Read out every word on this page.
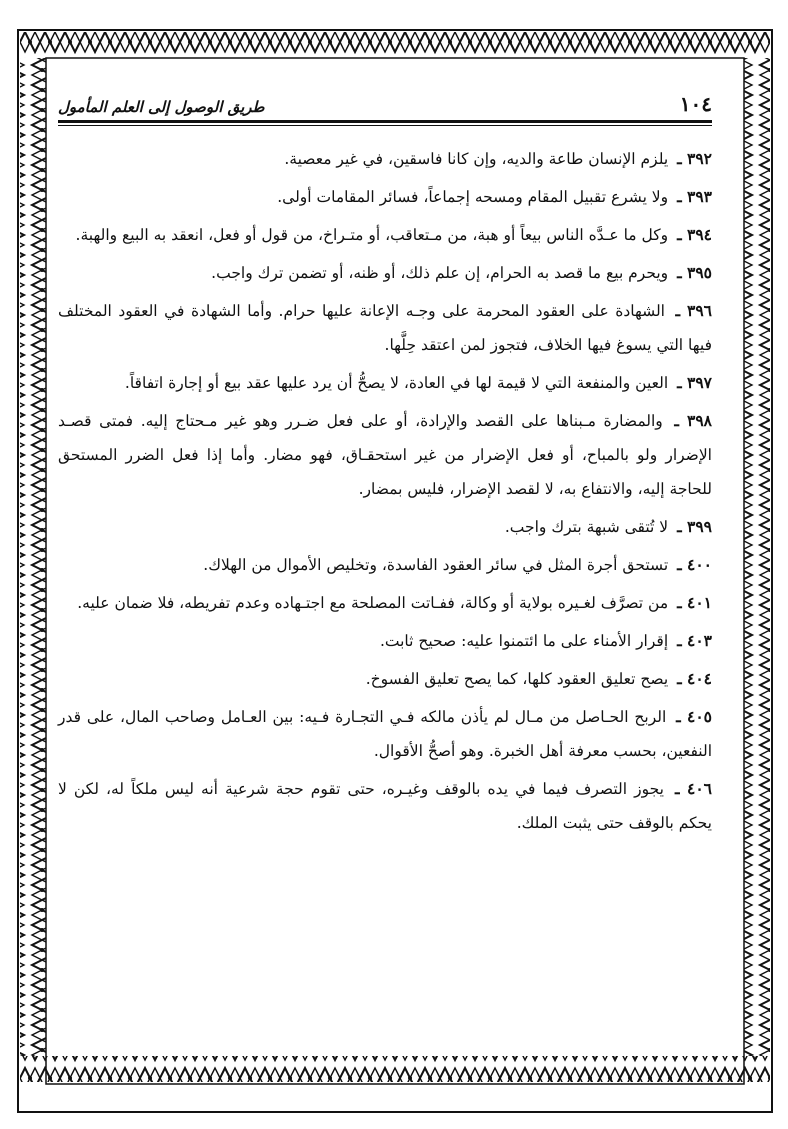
١٠٤
طريق الوصول إلى العلم المأمول
٣٩٢ ـ يلزم الإنسان طاعة والديه، وإن كانا فاسقين، في غير معصية.
٣٩٣ ـ ولا يشرع تقبيل المقام ومسحه إجماعاً، فسائر المقامات أولى.
٣٩٤ ـ وكل ما عـدَّه الناس بيعاً أو هبة، من مـتعاقب، أو متـراخ، من قول أو فعل، انعقد به البيع والهبة.
٣٩٥ ـ ويحرم بيع ما قصد به الحرام، إن علم ذلك، أو ظنه، أو تضمن ترك واجب.
٣٩٦ ـ الشهادة على العقود المحرمة على وجـه الإعانة عليها حرام. وأما الشهادة في العقود المختلف فيها التي يسوغ فيها الخلاف، فتجوز لمن اعتقد حِلَّها.
٣٩٧ ـ العين والمنفعة التي لا قيمة لها في العادة، لا يصحُّ أن يرد عليها عقد بيع أو إجارة اتفاقاً.
٣٩٨ ـ والمضارة مـبناها على القصد والإرادة، أو على فعل ضـرر وهو غير مـحتاج إليه. فمتى قصـد الإضرار ولو بالمباح، أو فعل الإضرار من غير استحقـاق، فهو مضار. وأما إذا فعل الضرر المستحق للحاجة إليه، والانتفاع به، لا لقصد الإضرار، فليس بمضار.
٣٩٩ ـ لا تُتقى شبهة بترك واجب.
٤٠٠ ـ تستحق أجرة المثل في سائر العقود الفاسدة، وتخليص الأموال من الهلاك.
٤٠١ ـ من تصرَّف لغـيره بولاية أو وكالة، ففـاتت المصلحة مع اجتـهاده وعدم تفريطه، فلا ضمان عليه.
٤٠٣ ـ إقرار الأمناء على ما ائتمنوا عليه: صحيح ثابت.
٤٠٤ ـ يصح تعليق العقود كلها، كما يصح تعليق الفسوخ.
٤٠٥ ـ الربح الحـاصل من مـال لم يأذن مالكه فـي التجـارة فـيه: بين العـامل وصاحب المال، على قدر النفعين، بحسب معرفة أهل الخبرة. وهو أصحُّ الأقوال.
٤٠٦ ـ يجوز التصرف فيما في يده بالوقف وغيـره، حتى تقوم حجة شرعية أنه ليس ملكاً له، لكن لا يحكم بالوقف حتى يثبت الملك.
